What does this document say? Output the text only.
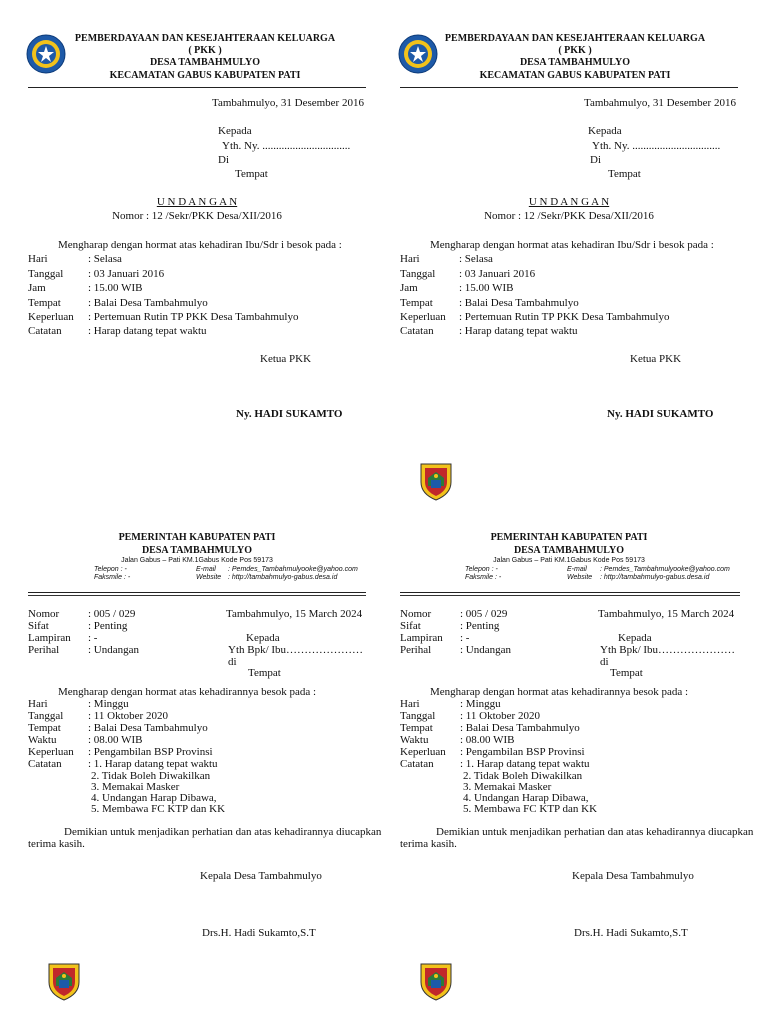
PEMBERDAYAAN DAN KESEJAHTERAAN KELUARGA
( PKK )
DESA TAMBAHMULYO
KECAMATAN GABUS KABUPATEN PATI
Tambahmulyo, 31 Desember 2016
Kepada
Yth. Ny. ................................
Di
Tempat
U N D A N G A N
Nomor : 12 /Sekr/PKK Desa/XII/2016
Mengharap dengan hormat atas kehadiran Ibu/Sdr i besok pada :
Hari	: Selasa
Tanggal : 03 Januari 2016
Jam	: 15.00 WIB
Tempat : Balai Desa Tambahmulyo
Keperluan : Pertemuan Rutin TP PKK Desa Tambahmulyo
Catatan : Harap datang tepat waktu
Ketua PKK
Ny. HADI SUKAMTO
PEMBERDAYAAN DAN KESEJAHTERAAN KELUARGA
( PKK )
DESA TAMBAHMULYO
KECAMATAN GABUS KABUPATEN PATI
Tambahmulyo, 31 Desember 2016
Kepada
Yth. Ny. ................................
Di
Tempat
U N D A N G A N
Nomor : 12 /Sekr/PKK Desa/XII/2016
Mengharap dengan hormat atas kehadiran Ibu/Sdr i besok pada :
Hari	: Selasa
Tanggal : 03 Januari 2016
Jam	: 15.00 WIB
Tempat : Balai Desa Tambahmulyo
Keperluan : Pertemuan Rutin TP PKK Desa Tambahmulyo
Catatan : Harap datang tepat waktu
Ketua PKK
Ny. HADI SUKAMTO
PEMERINTAH KABUPATEN PATI
DESA TAMBAHMULYO
Jalan Gabus – Pati KM.1Gabus Kode Pos 59173
Telepon : -
Faksmile : -
E-mail : Pemdes_Tambahmulyooke@yahoo.com
Website : http://tambahmulyo-gabus.desa.id
Nomor	: 005 / 029
Sifat	: Penting
Lampiran : -
Perihal	: Undangan
Tambahmulyo, 15 March 2024
Kepada
Yth Bpk/ Ibu…………………
di
Tempat
Mengharap dengan hormat atas kehadirannya besok pada :
Hari	: Minggu
Tanggal : 11 Oktober 2020
Tempat : Balai Desa Tambahmulyo
Waktu	: 08.00 WIB
Keperluan : Pengambilan BSP Provinsi
Catatan : 1. Harap datang tepat waktu
2. Tidak Boleh Diwakilkan
3. Memakai Masker
4. Undangan Harap Dibawa,
5. Membawa FC KTP dan KK
Demikian untuk menjadikan perhatian dan atas kehadirannya diucapkan
terima kasih.
Kepala Desa Tambahmulyo
Drs.H. Hadi Sukamto,S.T
PEMERINTAH KABUPATEN PATI
DESA TAMBAHMULYO
Jalan Gabus – Pati KM.1Gabus Kode Pos 59173
Telepon : -
Faksmile : -
E-mail : Pemdes_Tambahmulyooke@yahoo.com
Website : http://tambahmulyo-gabus.desa.id
Nomor	: 005 / 029
Sifat	: Penting
Lampiran : -
Perihal	: Undangan
Tambahmulyo, 15 March 2024
Kepada
Yth Bpk/ Ibu…………………
di
Tempat
Mengharap dengan hormat atas kehadirannya besok pada :
Hari	: Minggu
Tanggal : 11 Oktober 2020
Tempat : Balai Desa Tambahmulyo
Waktu	: 08.00 WIB
Keperluan : Pengambilan BSP Provinsi
Catatan : 1. Harap datang tepat waktu
2. Tidak Boleh Diwakilkan
3. Memakai Masker
4. Undangan Harap Dibawa,
5. Membawa FC KTP dan KK
Demikian untuk menjadikan perhatian dan atas kehadirannya diucapkan
terima kasih.
Kepala Desa Tambahmulyo
Drs.H. Hadi Sukamto,S.T
